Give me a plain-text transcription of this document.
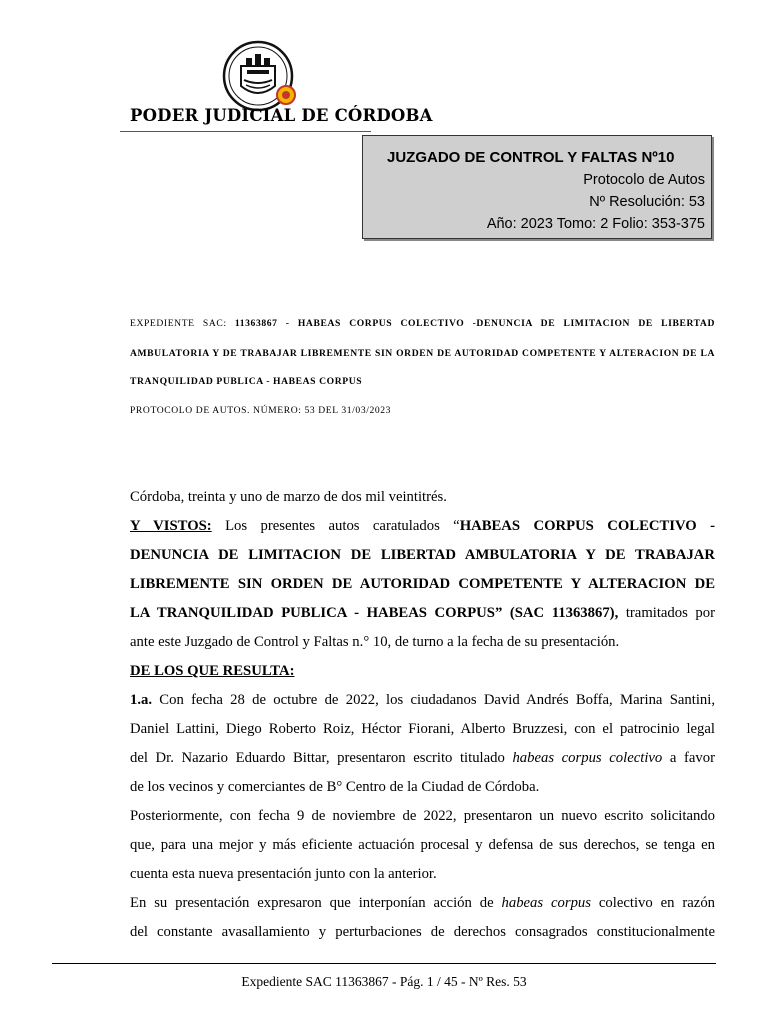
PODER JUDICIAL DE CÓRDOBA
JUZGADO DE CONTROL Y FALTAS Nº10
Protocolo de Autos
Nº Resolución: 53
Año: 2023 Tomo: 2 Folio: 353-375
EXPEDIENTE SAC: 11363867 - HABEAS CORPUS COLECTIVO -DENUNCIA DE LIMITACION DE LIBERTAD
AMBULATORIA Y DE TRABAJAR LIBREMENTE SIN ORDEN DE AUTORIDAD COMPETENTE Y ALTERACION DE LA
TRANQUILIDAD PUBLICA - HABEAS CORPUS
PROTOCOLO DE AUTOS. NÚMERO: 53 DEL 31/03/2023
Córdoba, treinta y uno de marzo de dos mil veintitrés.
Y VISTOS: Los presentes autos caratulados “HABEAS CORPUS COLECTIVO -
DENUNCIA DE LIMITACION DE LIBERTAD AMBULATORIA Y DE TRABAJAR
LIBREMENTE SIN ORDEN DE AUTORIDAD COMPETENTE Y ALTERACION DE
LA TRANQUILIDAD PUBLICA - HABEAS CORPUS” (SAC 11363867), tramitados por
ante este Juzgado de Control y Faltas n.° 10, de turno a la fecha de su presentación.
DE LOS QUE RESULTA:
1.a. Con fecha 28 de octubre de 2022, los ciudadanos David Andrés Boffa, Marina Santini,
Daniel Lattini, Diego Roberto Roiz, Héctor Fiorani, Alberto Bruzzesi, con el patrocinio legal
del Dr. Nazario Eduardo Bittar, presentaron escrito titulado habeas corpus colectivo a favor
de los vecinos y comerciantes de B° Centro de la Ciudad de Córdoba.
Posteriormente, con fecha 9 de noviembre de 2022, presentaron un nuevo escrito solicitando
que, para una mejor y más eficiente actuación procesal y defensa de sus derechos, se tenga en
cuenta esta nueva presentación junto con la anterior.
En su presentación expresaron que interponían acción de habeas corpus colectivo en razón
del constante avasallamiento y perturbaciones de derechos consagrados constitucionalmente
Expediente SAC 11363867 - Pág. 1 / 45 - Nº Res. 53
